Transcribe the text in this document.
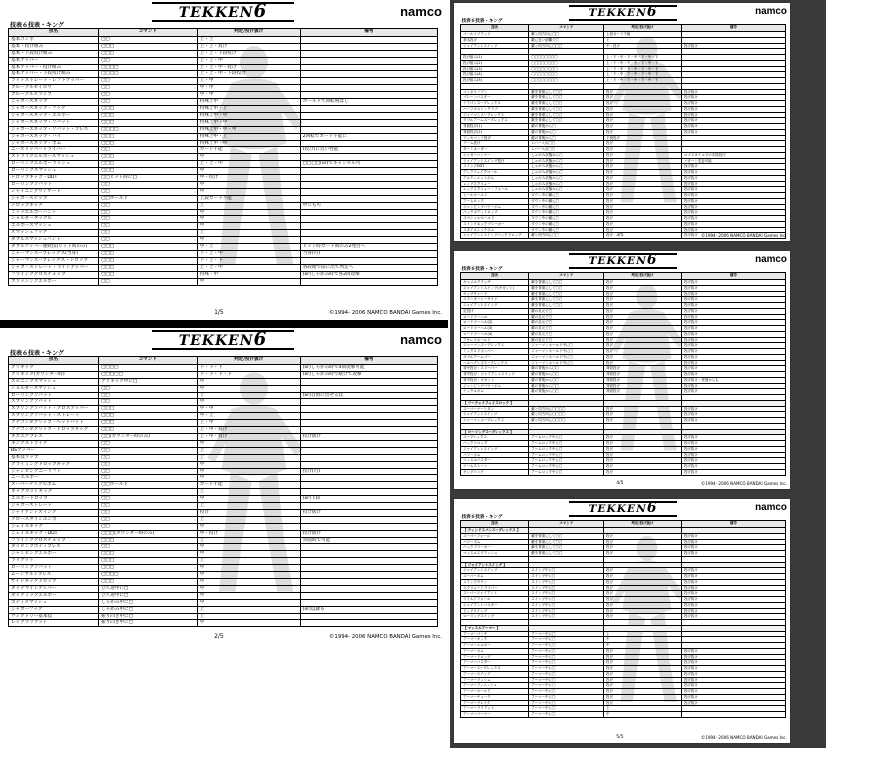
TEKKEN6	namco
技表６技表・キング
技名	コマンド	判定/投げ抜け	備考
基本コンボ	□□	上・上	
基本・投げ組み	□□□	上・上・投げ	
基本・下段投げ組み	□□□	上・上・下段投げ	
基本アッパー	□□	上・上・中	
基本アッパー・投げ組み	□□□□	上・上・中・投げ	
基本アッパー・下段投げ組み	□□□□	上・上・中・下段投げ	
ライトストレート・レフトアッパー	□□	上・中	
ブルークルゼイロウ	□□	中・中	
ブルークルスラップ	□□	中・中	
ジャガースネップ	□□	特殊上中	ホールドで回転飛ばし
ジャガースネップ・フック	□□□	特殊上中・上	
ジャガースネップ・エルボー	□□□	特殊上中・中	
ジャガースネップ・ソバット	□□□	特殊上中・中	
ジャガースネップ・ソバット・プレス	□□□□	特殊上中・中・中	
ジャガースネップ・ハイ	□□□	特殊上中・上	2回転でガード不能に
ジャガースネップ・ボム	□□□	特殊上中・中	
ニースリッパードライバー	□□	ガード不能	(投げ)に近い性能
ストライクエルボースマッシュ	□□□	中	
ローリングエルボーラッシュ	□□□	上・上・中	□□□□(or)でキャンセル可
ローリングスマッシュ	□□□	中	
ドロップキック・DDT	□□ヒット時に□	中・投げ	
ローリングソバット	□□	中	
シャイニングウィザード	□□	中	
ジャガーステップ	□□ホールド	上段ガード不能	
ドロップキック	□□	上	中にも可
ミッドエルボーハント	□□	中	
ショルダータックル	□□	中	
エルボースマッシュ	□□	中	
スマッシュフック	□□	上	
ダブルスマッシュハント	□□	中	
ダブルアッパー連続技(ヒット時のみ)	□□□	中・上	ヒット時ガード時のみ2発目へ
ジャーマンスープレックス(当身)	□□□	下・上・中	当身(可)
ジャーマンスープレックス・ドロップ	□□□	下・上・下	
ジャブ・ストレート・ライトアッパー	□□□	上・上・中	各段階で前に出て判定へ
フライングクロスチョップ	□□□	特殊・中	(or)しゃがみ時で各2回攻撃
ブラッシングエルボー	□□	中	
1/5	©1994- 2006 NAMCO BANDAI Games Inc.
TEKKEN6	namco
技表６技表・キング
技名	コマンド	判定/投げ抜け	備考
アリキック	□□□□	下・下・下	(or)しゃがみ時で4回攻撃可能
アリキック(カウンター時)	□□□□□	下・下・下・下	(or)しゃがみ時で続けて攻撃
スピニングスマッシュ	アリキック中に□	中	
ショルダースマッシュ	□□	中	
ローリングソバット	□□	上	(or)自由に出せる技
スプリングソバット	□□	中	
スプリングソバット・クロスアッパー	□□□	中・中	
スプリングソバット・ストレート	□□□	中・上	
アナコンダグリップ・ヘッドバット	□□□	上・中	
アナコンダグリップ・ドロップキック	□□□	上・中・投げ	
ギガエアプレス	□□(カウンター時のみ)	上・中・投げ	投げ抜け
キングストライク	□□	中	
BSアッパー	□□	上	
基本技ラップ	□□	上	
クライミングドロップキック	□□	中	
ジャンピングニーリフト	□□	中	投げ(可)
ニーエルボー	□□	中	
スーパーナックルボム	□□ホールド	ガード不能	
ネックカットキック	□□	上	
エルボードロップ	□□	中	(or)下段
ジャガーストレート	□□	上	
ジャイアントスイング	□□	投げ	投げ抜け
クロースタインエンボ	□□	上	
ジェイルキック	□□	中	
ジェイルキック・DDT	□□□(カウンター時のみ)	中・投げ	投げ抜け
フライングクロスチョップ	□□□	上	背面時で可能
ダイビングボディプレス	□□	中	
ジャンピングエルボー	□□□	中	
ラリアット	□□□	上	
ローリングソバット	□□□	中	
ムーンサルトプレス	□□□□	中	
サイドキックドロップ	□□□	中	
ダイナマイトアッパー	立ち途中に□	中	
ダイナミックエルボー	立ち途中に□	中	
ボディスマッシュ	しゃがみ中に□	中	
ジャガーフック	しゃがみ中に□	上	(or)以降も
ヴィクトリー基本技	振り向き中に□	上	
レッグラリアット	振り向き中に□	中	
2/5	©1994- 2006 NAMCO BANDAI Games Inc.
TEKKEN6	namco
技表６技表・キング
技名	コマンド	判定/投げ抜け	備考
コールドブラッド	敵と同方向に□□	上段ガード不能	
基本投げ	敵に近い距離で□	上	
ジャイアントスイング	敵と同方向に□□□	中・投げ	投げ抜け

投げ組み(1)	□□□□□□□□	上・下・中・下・中・下・中・下	
投げ組み(2)	□□□□□□□□	上・下・中・下・中・下・中・下	
投げ組み(3)	□□□□□□□□	上・下・中・下・中・下・中・下	
投げ組み(4)	□□□□□□□□	上・下・中・下・中・下・中・下	
投げ組み(5)	□□□□□□□□	上・下・中・下・中・下・中・下	

コンボリーゲン	敵を背面にして□□	投げ	投げ抜け
ブレーンバスター	敵を背面にして□□	投げ	投げ抜け
ドラゴンスープレックス	敵を背面にして□□	投げ	投げ抜け
ハーフボストンクラブ	敵を背面にして□□	投げ	投げ抜け
ジャーマンスープレックス	敵を背面にして□□	投げ	投げ抜け
ダブルアームスープレックス	敵を背面にして□□	投げ	投げ抜け
背面投げ(1)	敵の背後から□	投げ	投げ抜け
背面投げ(2)	敵の背後から□	投げ	投げ抜け
ワンセコンド投げ	敵の背後から□	下段投げ	
アーム投げ	レバー入れ□□	投げ	
ターミネーター	レバー入れ□□	投げ	
ジャガーハンマー	しゃがみ状態から□	投げ	ロゴスタイルでの多段投げ
ジャイアントスイング投げ	しゃがみ状態から□	投げ	パターン変更可能
スイングDDT	しゃがみ状態から□	投げ	投げ抜け
ディラフェイクロール	しゃがみ状態から□	投げ	投げ抜け
アルティメットボム	しゃがみ状態から□	投げ	投げ抜け
レッグスクリュー	しゃがみ状態から□	投げ	投げ抜け
レッグスクリュー・フォール	しゃがみ状態から□	投げ	投げ抜け
ヒールホールド	ダウン中の敵に□	投げ	投げ抜け
アームロック	ダウン中の敵に□	投げ	投げ抜け
ジャンピングパワーボム	ダウン中の敵に□	投げ	投げ抜け
バックボディドロップ	ダウン中の敵に□	投げ	投げ抜け
スペシャルホールド	ダウン中の敵に□	投げ	投げ抜け
スイングネックブリーカー	ダウン中の敵に□	投げ	投げ抜け
スタイルシックボム	ダウン中の敵に□	投げ	投げ抜け
ジャイアントスイングバックドロップ	敵と同方向に□□	投げ	投げ抜け
3/5	©1994- 2006 NAMCO BANDAI Games Inc.
TEKKEN6	namco
技表６技表・キング
技名	コマンド	判定/投げ抜け	備考
キャメルクラッチ	敵を背面にして□□	投げ	投げ抜け
ジャイアントスイング(ギガント)	敵を背面にして□□	投げ	投げ抜け
キャプチャード	敵を背面にして□□	投げ	投げ抜け
スクーターシーサイド	敵を背面にして□□	投げ	投げ抜け
ジャイアントスイング	敵を背面にして□□	投げ	投げ抜け
足投げ	敵の足元で□	投げ	投げ抜け
ロードツーヘル	敵の足元で□	投げ	投げ抜け
ロードツーヘル(2)	敵の足元で□	投げ	投げ抜け
ロードツーヘル(3)	敵の足元で□	投げ	投げ抜け
ロードツーヘル(4)	敵の足元で□	投げ	投げ抜け
アキレスホールド	敵の足元で□	投げ	投げ抜け
ジャーマンスープレックス	ジャーマンホールド中に□	投げ	投げ抜け
ミックスドボンバー	ジャーマンホールド中に□	投げ	投げ抜け
ダブルアームバー	ジャーマンホールド中に□	投げ	投げ抜け
ヘルヘブンズスープレックス	ジャーマンホールド中に□	投げ	投げ抜け
背中投げ・スリーパー	敵の背後から□□	背面投げ	投げ抜け
背中投げ・ジャイアントスイング	敵の背後から□□	背面投げ	投げ抜け
背中投げ・ギガント	敵の背後から□□	背面投げ	投げ抜け・背面からも
ジャンピングパワーボム	敵の背後から□□	背面投げ	投げ抜け
ナックルボム	敵の背後から□□	背面投げ	投げ抜け

【 ツーウェイフェイスロック 】			
スーパーマーリタン	敵と同方向に□□□□	投げ	投げ抜け
ジャイアントスイング	敵と同方向に□□□□	投げ	投げ抜け
ジャーマンスープレックス	敵と同方向に□□□□	投げ	投げ抜け

【 ローリングスープレックス 】			
スープレックス	アームロック中に□	投げ	投げ抜け
バックドロップ	アームロック中に□	投げ	投げ抜け
ジャイアントスイング	アームロック中に□	投げ	投げ抜け
パワーボム	アームロック中に□	投げ	投げ抜け
マッスルバスター	アームロック中に□	投げ	投げ抜け
ツームストーン	アームロック中に□	投げ	投げ抜け
キングコング	アームロック中に□	投げ	投げ抜け
4/5	©1994- 2006 NAMCO BANDAI Games Inc.
TEKKEN6	namco
技表６技表・キング
技名	コマンド	判定/投げ抜け	備考
【 ウィンドスパンスープレックス 】			
スーパーフォール	敵を背面にして□□	投げ	投げ抜け
パワーボム	敵を背面にして□□	投げ	投げ抜け
バックブリーカー	敵を背面にして□□	投げ	投げ抜け
マッスルスプラッシュ	敵を背面にして□□	投げ	投げ抜け

【 ジャイアントスイング 】			
ジャイアントスイング	スイング中に□	投げ	投げ抜け
スーパーボム	スイング中に□	投げ	投げ抜け
スイングダウン	スイング中に□	投げ	投げ抜け
スクリュードライバー	スイング中に□	投げ	投げ抜け
スーパージャイアント	スイング中に□	投げ	投げ抜け
ワイルドフォール	スイング中に□	投げ	投げ抜け
ジャイアントバスター	スイング中に□	投げ	投げ抜け
ビッグスイング	スイング中に□	投げ	投げ抜け
ローリングスイング	スイング中に□	投げ	投げ抜け

【 マッスルアーマー 】			
アーマーパンチ	アーマー中に□	上	
アーマーキック	アーマー中に□	中	
アーマーエルボー	アーマー中に□	中	
アーマーボム	アーマー中に□	投げ	投げ抜け
アーマードロップ	アーマー中に□	投げ	投げ抜け
アーマーバスター	アーマー中に□	投げ	投げ抜け
アーマースープレックス	アーマー中に□	投げ	投げ抜け
アーマースイング	アーマー中に□	投げ	投げ抜け
アーマーラッシュ	アーマー中に□	投げ	投げ抜け
アーマーフィニッシュ	アーマー中に□	投げ	投げ抜け
アーマーホールド	アーマー中に□	投げ	投げ抜け
アーマーチョーク	アーマー中に□	投げ	投げ抜け
アーマーブレイク	アーマー中に□	投げ	投げ抜け
アーマーラリアット	アーマー中に□	上	
アーマーバーナー	アーマー中に□	中	
5/5	©1994- 2006 NAMCO BANDAI Games Inc.
